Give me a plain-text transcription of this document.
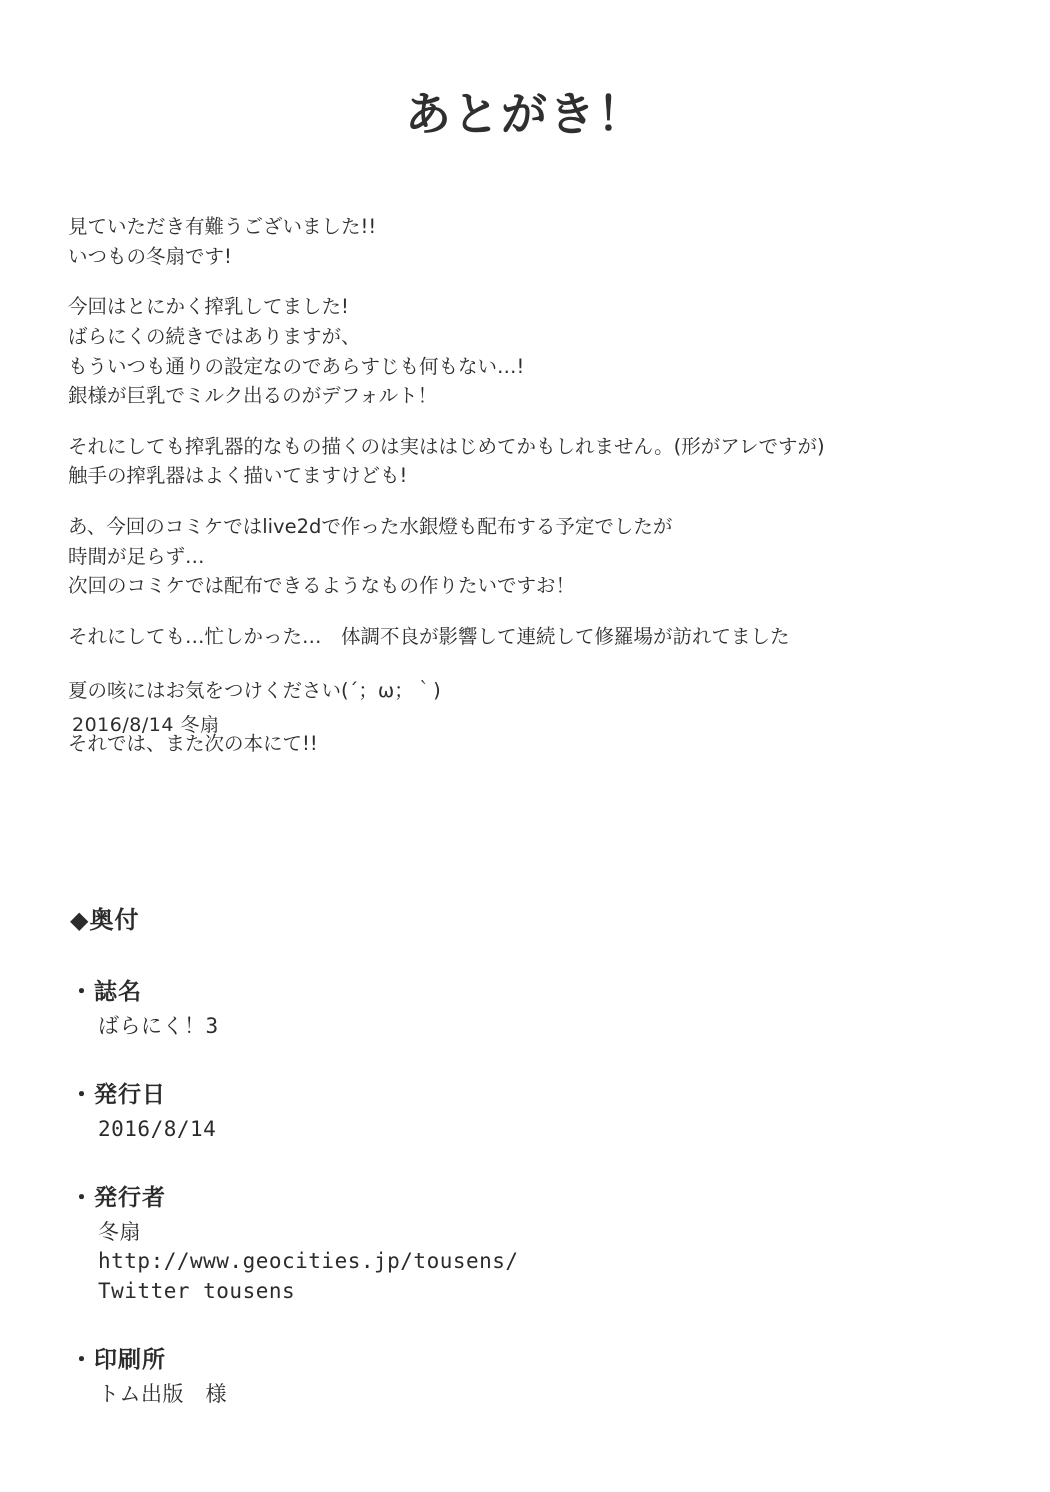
あとがき！
見ていただき有難うございました!!
いつもの冬扇です!
今回はとにかく搾乳してました!
ばらにくの続きではありますが、
もういつも通りの設定なのであらすじも何もない…!
銀様が巨乳でミルク出るのがデフォルト！
それにしても搾乳器的なもの描くのは実ははじめてかもしれません。(形がアレですが)
触手の搾乳器はよく描いてますけども!
あ、今回のコミケではlive2dで作った水銀燈も配布する予定でしたが
時間が足らず…
次回のコミケでは配布できるようなもの作りたいですお！
それにしても…忙しかった…　体調不良が影響して連続して修羅場が訪れてました
夏の咳にはお気をつけください(´；ω；｀)
それでは、また次の本にて!!
2016/8/14 冬扇
◆奥付
・誌名
ばらにく！3
・発行日
2016/8/14
・発行者
冬扇
http://www.geocities.jp/tousens/
Twitter tousens
・印刷所
トム出版　様
